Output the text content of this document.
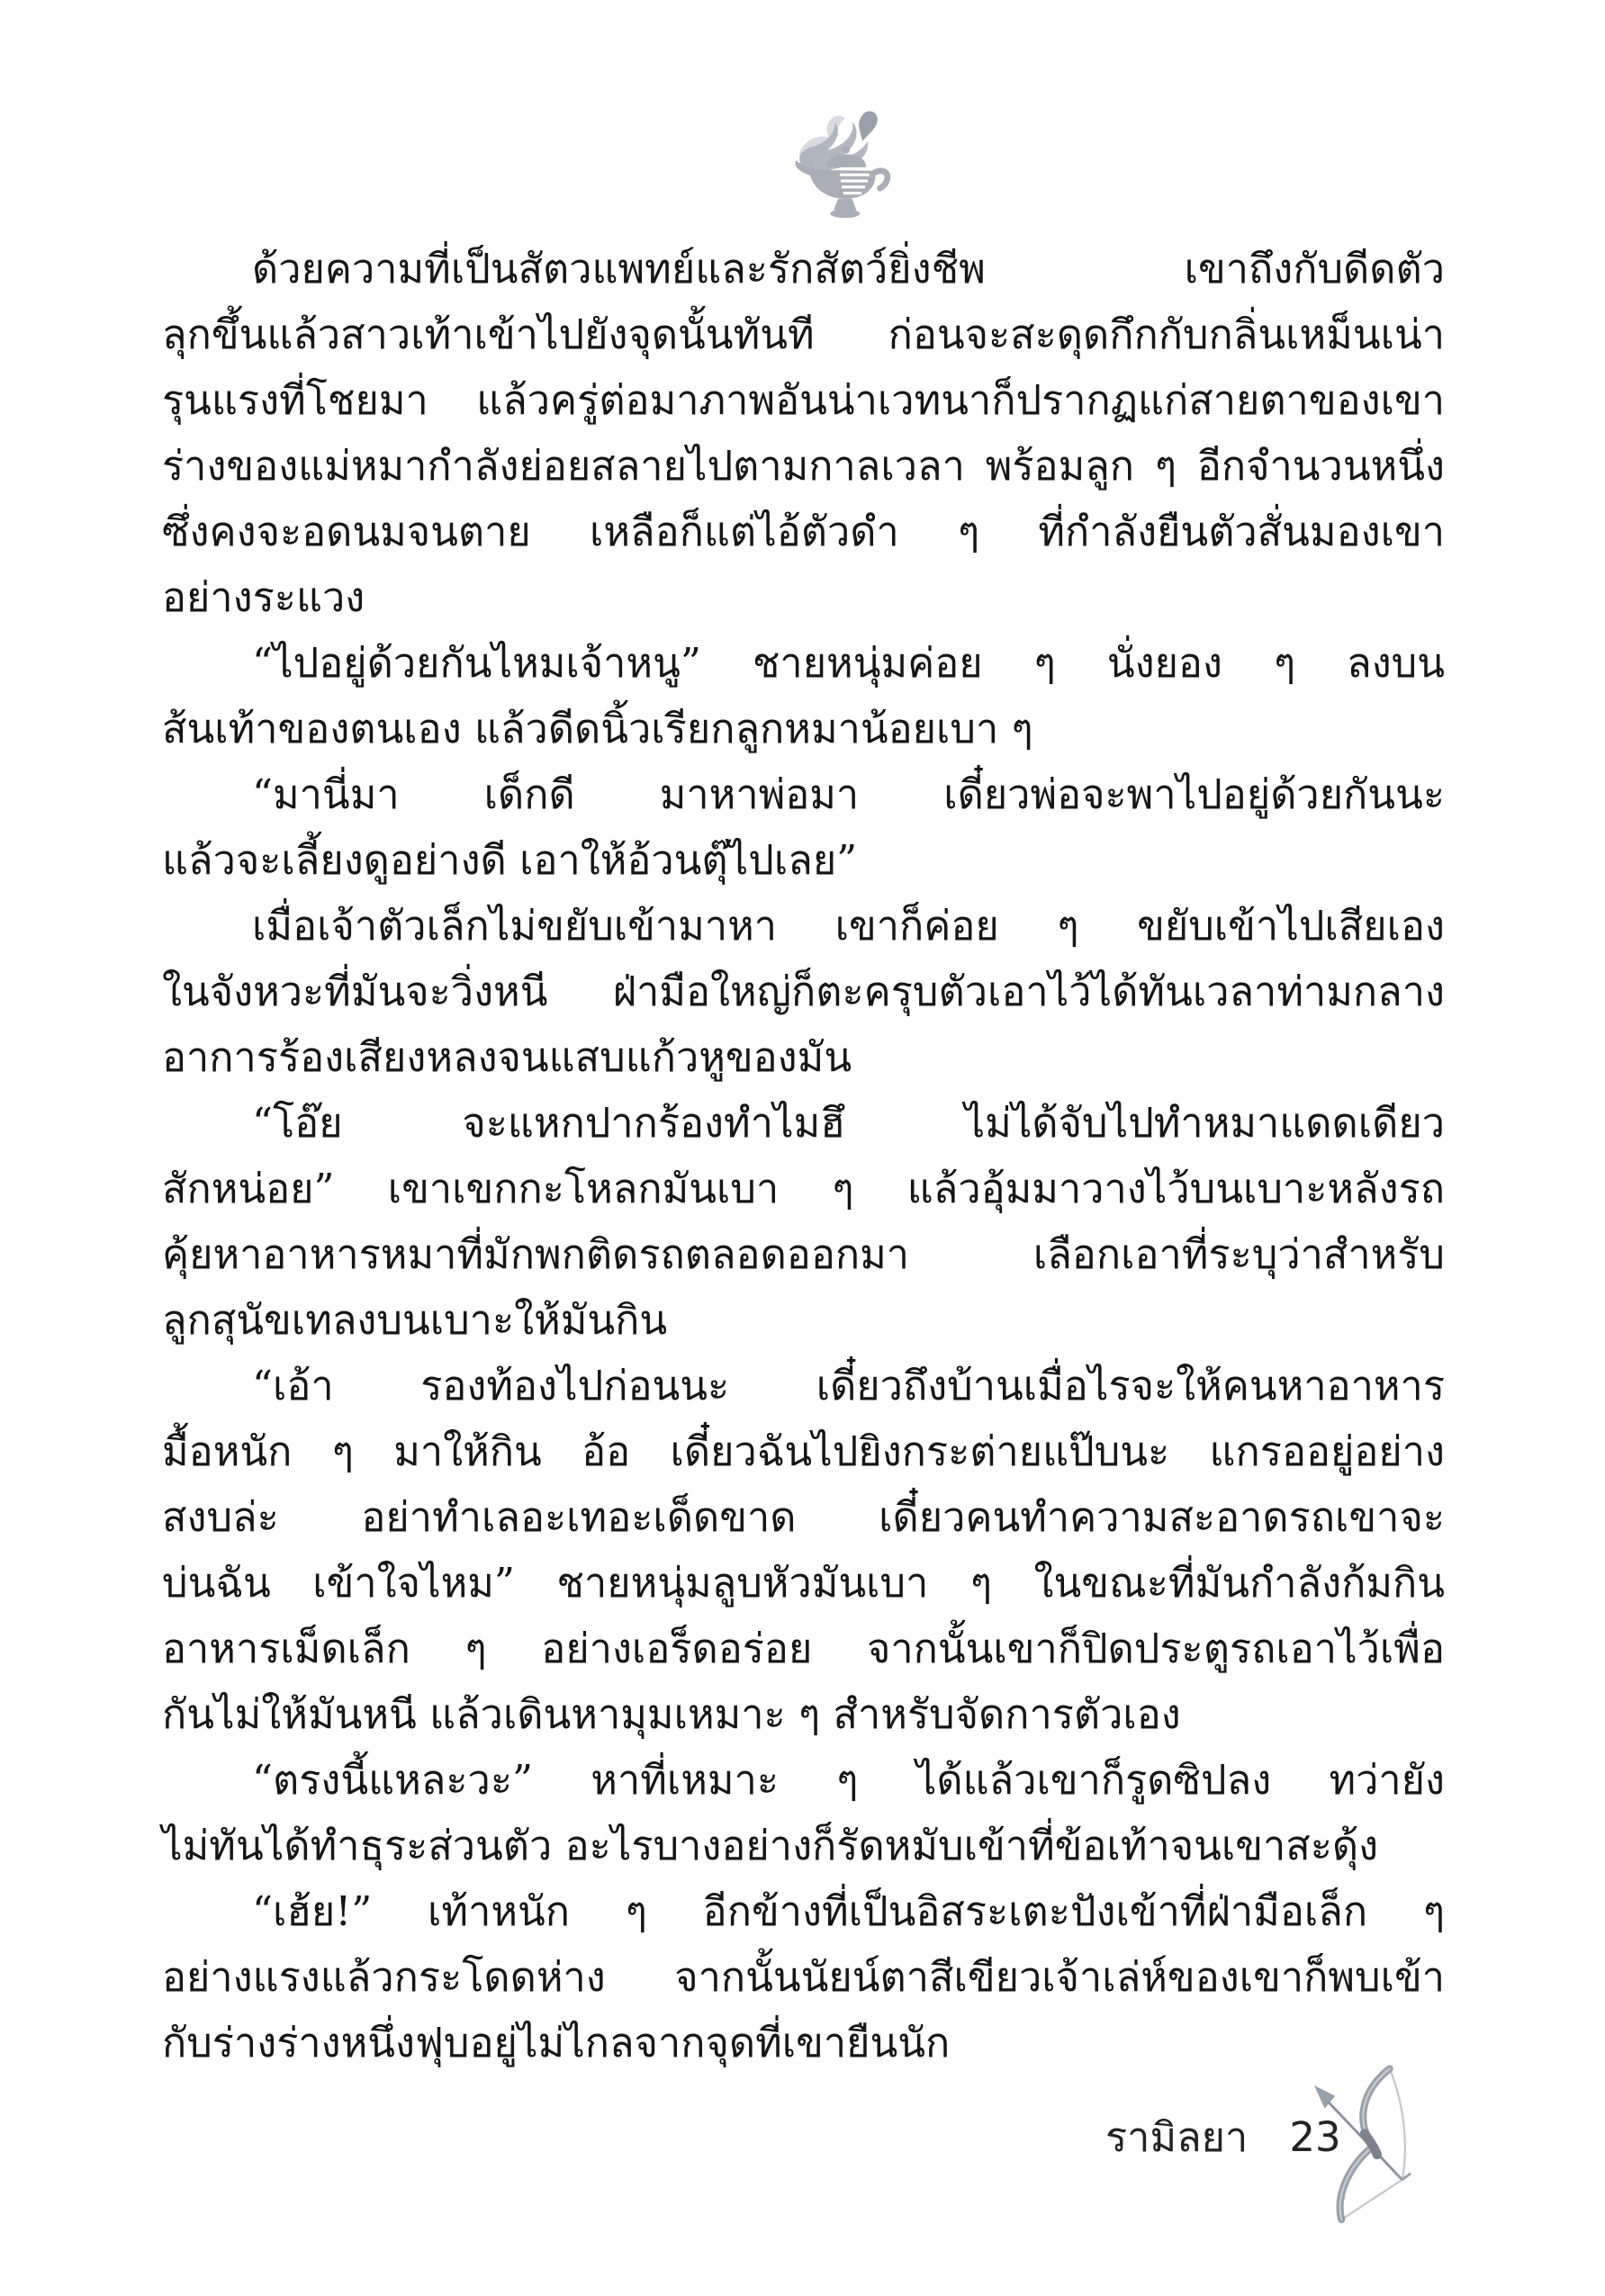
ด้วยความที่เป็นสัตวแพทย์และรักสัตว์ยิ่งชีพ เขาถึงกับดีดตัว
ลุกขึ้นแล้วสาวเท้าเข้าไปยังจุดนั้นทันที ก่อนจะสะดุดกึกกับกลิ่นเหม็นเน่า
รุนแรงที่โชยมา แล้วครู่ต่อมาภาพอันน่าเวทนาก็ปรากฏแก่สายตาของเขา
ร่างของแม่หมากำลังย่อยสลายไปตามกาลเวลา พร้อมลูก ๆ อีกจำนวนหนึ่ง
ซึ่งคงจะอดนมจนตาย เหลือก็แต่ไอ้ตัวดำ ๆ ที่กำลังยืนตัวสั่นมองเขา
อย่างระแวง
“ไปอยู่ด้วยกันไหมเจ้าหนู” ชายหนุ่มค่อย ๆ นั่งยอง ๆ ลงบน
ส้นเท้าของตนเอง แล้วดีดนิ้วเรียกลูกหมาน้อยเบา ๆ
“มานี่มา เด็กดี มาหาพ่อมา เดี๋ยวพ่อจะพาไปอยู่ด้วยกันนะ
แล้วจะเลี้ยงดูอย่างดี เอาให้อ้วนตุ๊ไปเลย”
เมื่อเจ้าตัวเล็กไม่ขยับเข้ามาหา เขาก็ค่อย ๆ ขยับเข้าไปเสียเอง
ในจังหวะที่มันจะวิ่งหนี ฝ่ามือใหญ่ก็ตะครุบตัวเอาไว้ได้ทันเวลาท่ามกลาง
อาการร้องเสียงหลงจนแสบแก้วหูของมัน
“โอ๊ย จะแหกปากร้องทำไมฮึ ไม่ได้จับไปทำหมาแดดเดียว
สักหน่อย” เขาเขกกะโหลกมันเบา ๆ แล้วอุ้มมาวางไว้บนเบาะหลังรถ
คุ้ยหาอาหารหมาที่มักพกติดรถตลอดออกมา เลือกเอาที่ระบุว่าสำหรับ
ลูกสุนัขเทลงบนเบาะให้มันกิน
“เอ้า รองท้องไปก่อนนะ เดี๋ยวถึงบ้านเมื่อไรจะให้คนหาอาหาร
มื้อหนัก ๆ มาให้กิน อ้อ เดี๋ยวฉันไปยิงกระต่ายแป๊บนะ แกรออยู่อย่าง
สงบล่ะ อย่าทำเลอะเทอะเด็ดขาด เดี๋ยวคนทำความสะอาดรถเขาจะ
บ่นฉัน เข้าใจไหม” ชายหนุ่มลูบหัวมันเบา ๆ ในขณะที่มันกำลังก้มกิน
อาหารเม็ดเล็ก ๆ อย่างเอร็ดอร่อย จากนั้นเขาก็ปิดประตูรถเอาไว้เพื่อ
กันไม่ให้มันหนี แล้วเดินหามุมเหมาะ ๆ สำหรับจัดการตัวเอง
“ตรงนี้แหละวะ” หาที่เหมาะ ๆ ได้แล้วเขาก็รูดซิปลง ทว่ายัง
ไม่ทันได้ทำธุระส่วนตัว อะไรบางอย่างก็รัดหมับเข้าที่ข้อเท้าจนเขาสะดุ้ง
“เฮ้ย!” เท้าหนัก ๆ อีกข้างที่เป็นอิสระเตะปังเข้าที่ฝ่ามือเล็ก ๆ
อย่างแรงแล้วกระโดดห่าง จากนั้นนัยน์ตาสีเขียวเจ้าเล่ห์ของเขาก็พบเข้า
กับร่างร่างหนึ่งฟุบอยู่ไม่ไกลจากจุดที่เขายืนนัก
รามิลยา 23
